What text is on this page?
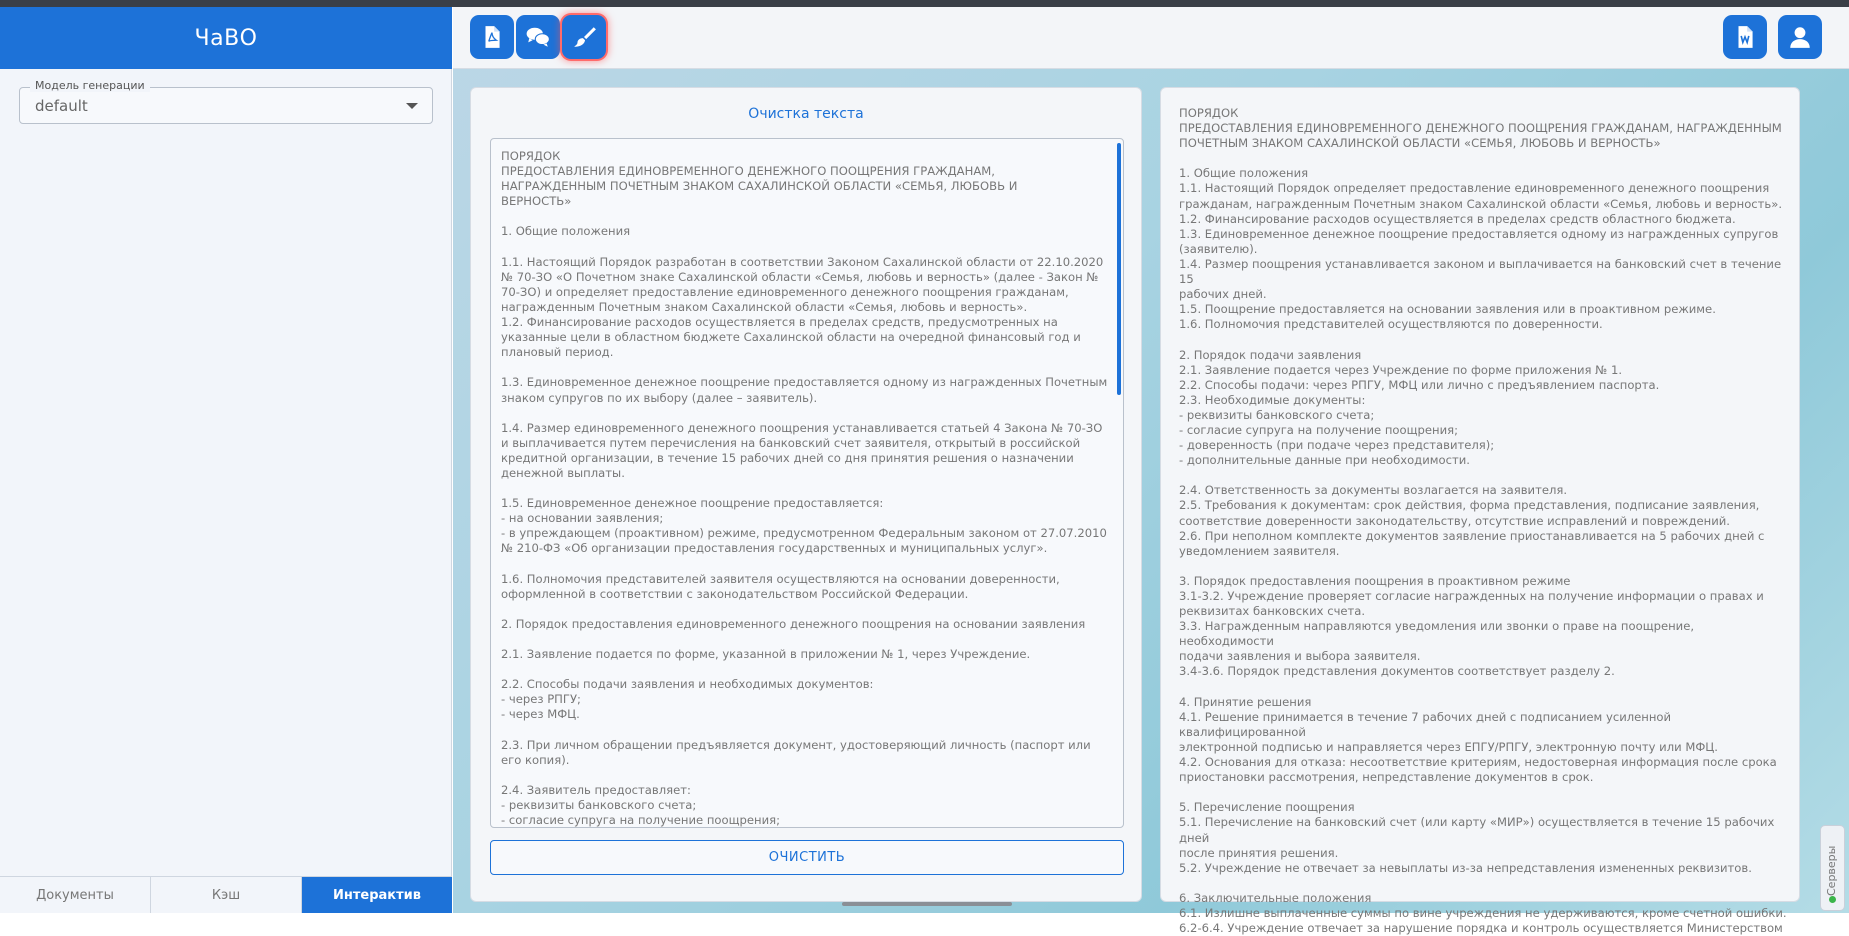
ЧаВО
Модель генерации
default
Документы	Кэш	Интерактив
Очистка текста
ПОРЯДОК
ПРЕДОСТАВЛЕНИЯ ЕДИНОВРЕМЕННОГО ДЕНЕЖНОГО ПООЩРЕНИЯ ГРАЖДАНАМ,
НАГРАЖДЕННЫМ ПОЧЕТНЫМ ЗНАКОМ САХАЛИНСКОЙ ОБЛАСТИ «СЕМЬЯ, ЛЮБОВЬ И
ВЕРНОСТЬ»

1. Общие положения

1.1. Настоящий Порядок разработан в соответствии Законом Сахалинской области от 22.10.2020
№ 70-ЗО «О Почетном знаке Сахалинской области «Семья, любовь и верность» (далее - Закон №
70-ЗО) и определяет предоставление единовременного денежного поощрения гражданам,
награжденным Почетным знаком Сахалинской области «Семья, любовь и верность».
1.2. Финансирование расходов осуществляется в пределах средств, предусмотренных на
указанные цели в областном бюджете Сахалинской области на очередной финансовый год и
плановый период.

1.3. Единовременное денежное поощрение предоставляется одному из награжденных Почетным
знаком супругов по их выбору (далее – заявитель).

1.4. Размер единовременного денежного поощрения устанавливается статьей 4 Закона № 70-ЗО
и выплачивается путем перечисления на банковский счет заявителя, открытый в российской
кредитной организации, в течение 15 рабочих дней со дня принятия решения о назначении
денежной выплаты.

1.5. Единовременное денежное поощрение предоставляется:
- на основании заявления;
- в упреждающем (проактивном) режиме, предусмотренном Федеральным законом от 27.07.2010
№ 210-ФЗ «Об организации предоставления государственных и муниципальных услуг».

1.6. Полномочия представителей заявителя осуществляются на основании доверенности,
оформленной в соответствии с законодательством Российской Федерации.

2. Порядок предоставления единовременного денежного поощрения на основании заявления

2.1. Заявление подается по форме, указанной в приложении № 1, через Учреждение.

2.2. Способы подачи заявления и необходимых документов:
- через РПГУ;
- через МФЦ.

2.3. При личном обращении предъявляется документ, удостоверяющий личность (паспорт или
его копия).

2.4. Заявитель предоставляет:
- реквизиты банковского счета;
- согласие супруга на получение поощрения;
ОЧИСТИТЬ
ПОРЯДОК
ПРЕДОСТАВЛЕНИЯ ЕДИНОВРЕМЕННОГО ДЕНЕЖНОГО ПООЩРЕНИЯ ГРАЖДАНАМ, НАГРАЖДЕННЫМ
ПОЧЕТНЫМ ЗНАКОМ САХАЛИНСКОЙ ОБЛАСТИ «СЕМЬЯ, ЛЮБОВЬ И ВЕРНОСТЬ»

1. Общие положения
1.1. Настоящий Порядок определяет предоставление единовременного денежного поощрения
гражданам, награжденным Почетным знаком Сахалинской области «Семья, любовь и верность».
1.2. Финансирование расходов осуществляется в пределах средств областного бюджета.
1.3. Единовременное денежное поощрение предоставляется одному из награжденных супругов
(заявителю).
1.4. Размер поощрения устанавливается законом и выплачивается на банковский счет в течение 15
рабочих дней.
1.5. Поощрение предоставляется на основании заявления или в проактивном режиме.
1.6. Полномочия представителей осуществляются по доверенности.

2. Порядок подачи заявления
2.1. Заявление подается через Учреждение по форме приложения № 1.
2.2. Способы подачи: через РПГУ, МФЦ или лично с предъявлением паспорта.
2.3. Необходимые документы:
- реквизиты банковского счета;
- согласие супруга на получение поощрения;
- доверенность (при подаче через представителя);
- дополнительные данные при необходимости.

2.4. Ответственность за документы возлагается на заявителя.
2.5. Требования к документам: срок действия, форма представления, подписание заявления,
соответствие доверенности законодательству, отсутствие исправлений и повреждений.
2.6. При неполном комплекте документов заявление приостанавливается на 5 рабочих дней с
уведомлением заявителя.

3. Порядок предоставления поощрения в проактивном режиме
3.1-3.2. Учреждение проверяет согласие награжденных на получение информации о правах и
реквизитах банковских счета.
3.3. Награжденным направляются уведомления или звонки о праве на поощрение, необходимости
подачи заявления и выбора заявителя.
3.4-3.6. Порядок представления документов соответствует разделу 2.

4. Принятие решения
4.1. Решение принимается в течение 7 рабочих дней с подписанием усиленной квалифицированной
электронной подписью и направляется через ЕПГУ/РПГУ, электронную почту или МФЦ.
4.2. Основания для отказа: несоответствие критериям, недостоверная информация после срока
приостановки рассмотрения, непредставление документов в срок.

5. Перечисление поощрения
5.1. Перечисление на банковский счет (или карту «МИР») осуществляется в течение 15 рабочих дней
после принятия решения.
5.2. Учреждение не отвечает за невыплаты из-за непредставления измененных реквизитов.

6. Заключительные положения
6.1. Излишне выплаченные суммы по вине учреждения не удерживаются, кроме счетной ошибки.
6.2-6.4. Учреждение отвечает за нарушение порядка и контроль осуществляется Министерством
Серверы
